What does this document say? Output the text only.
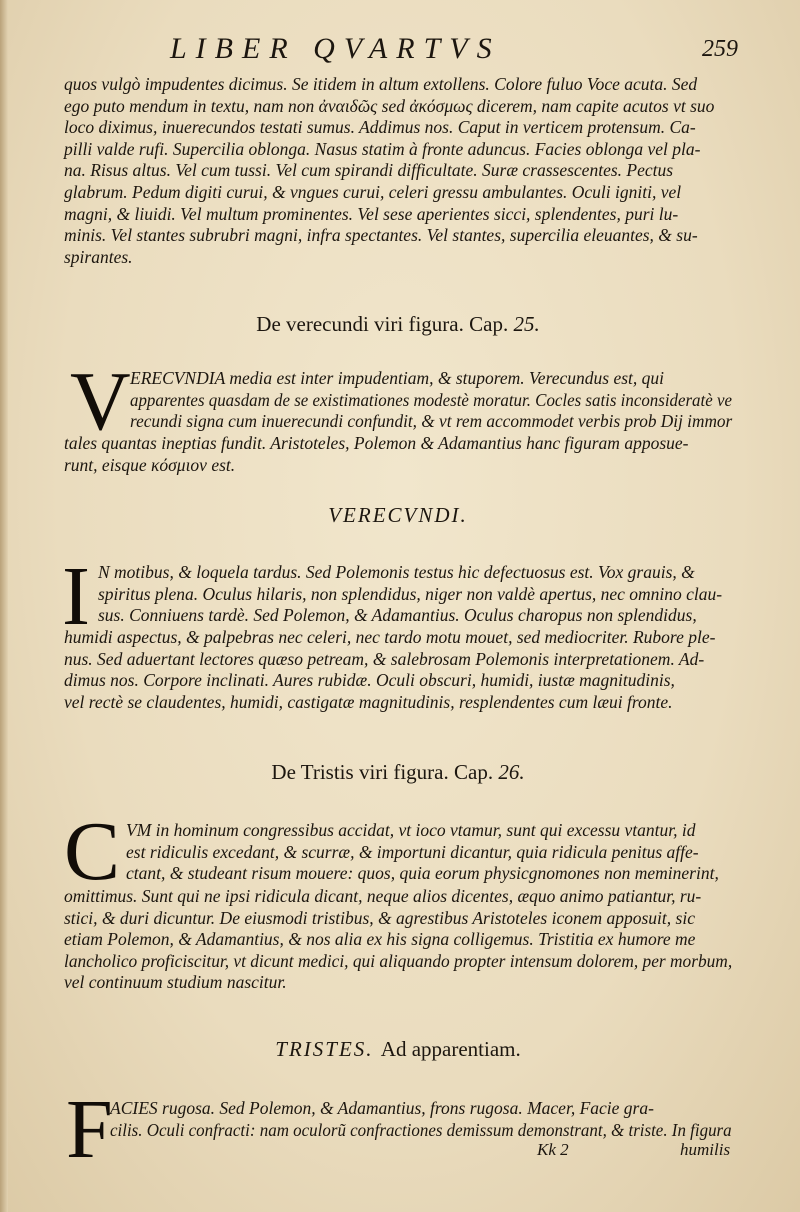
LIBER QVARTVS	259
quos vulgò impudentes dicimus. Se itidem in altum extollens. Colore fuluo Voce acuta. Sed
ego puto mendum in textu, nam non ἀναιδῶς sed ἀκόσμως dicerem, nam capite acutos vt suo
loco diximus, inuerecundos testati sumus. Addimus nos. Caput in verticem protensum. Ca-
pilli valde rufi. Supercilia oblonga. Nasus statim à fronte aduncus. Facies oblonga vel pla-
na. Risus altus. Vel cum tussi. Vel cum spirandi difficultate. Suræ crassescentes. Pectus
glabrum. Pedum digiti curui, & vngues curui, celeri gressu ambulantes. Oculi igniti, vel
magni, & liuidi. Vel multum prominentes. Vel sese aperientes sicci, splendentes, puri lu-
minis. Vel stantes subrubri magni, infra spectantes. Vel stantes, supercilia eleuantes, & su-
spirantes.
De verecundi viri figura. Cap. 25.
V ERECVNDIA media est inter impudentiam, & stuporem. Verecundus est, qui
apparentes quasdam de se existimationes modestè moratur. Cocles satis inconsideratè ve
recundi signa cum inuerecundi confundit, & vt rem accommodet verbis prob Dij immor
tales quantas ineptias fundit. Aristoteles, Polemon & Adamantius hanc figuram apposue-
runt, eisque κόσμιον est.
VERECVNDI.
I N motibus, & loquela tardus. Sed Polemonis testus hic defectuosus est. Vox grauis, &
spiritus plena. Oculus hilaris, non splendidus, niger non valdè apertus, nec omnino clau-
sus. Conniuens tardè. Sed Polemon, & Adamantius. Oculus charopus non splendidus,
humidi aspectus, & palpebras nec celeri, nec tardo motu mouet, sed mediocriter. Rubore ple-
nus. Sed aduertant lectores quæso petream, & salebrosam Polemonis interpretationem. Ad-
dimus nos. Corpore inclinati. Aures rubidæ. Oculi obscuri, humidi, iustæ magnitudinis,
vel rectè se claudentes, humidi, castigatæ magnitudinis, resplendentes cum læui fronte.
De Tristis viri figura. Cap. 26.
C VM in hominum congressibus accidat, vt ioco vtamur, sunt qui excessu vtantur, id
est ridiculis excedant, & scurræ, & importuni dicantur, quia ridicula penitus affe-
ctant, & studeant risum mouere: quos, quia eorum physicgnomones non meminerint,
omittimus. Sunt qui ne ipsi ridicula dicant, neque alios dicentes, æquo animo patiantur, ru-
stici, & duri dicuntur. De eiusmodi tristibus, & agrestibus Aristoteles iconem apposuit, sic
etiam Polemon, & Adamantius, & nos alia ex his signa colligemus. Tristitia ex humore me
lancholico proficiscitur, vt dicunt medici, qui aliquando propter intensum dolorem, per morbum,
vel continuum studium nascitur.
TRISTES. Ad apparentiam.
F
ACIES rugosa. Sed Polemon, & Adamantius, frons rugosa. Macer, Facie gra-
cilis. Oculi confracti: nam oculorũ confractiones demissum demonstrant, & triste. In figura
Kk 2	humilis
